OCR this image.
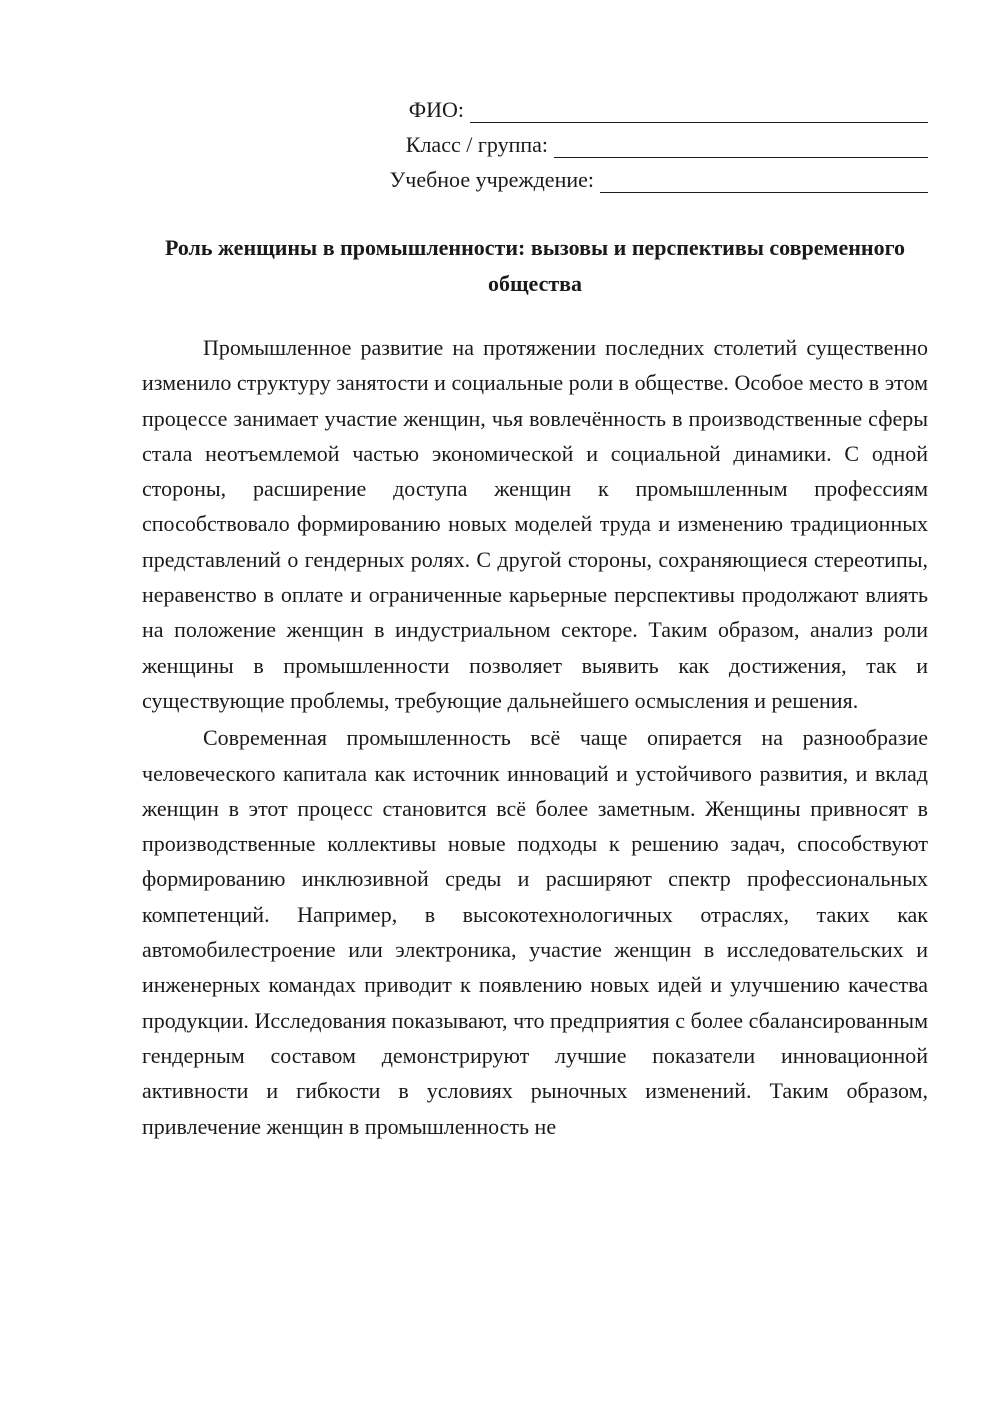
ФИО:
Класс / группа:
Учебное учреждение:
Роль женщины в промышленности: вызовы и перспективы современного общества

Промышленное развитие на протяжении последних столетий существенно изменило структуру занятости и социальные роли в обществе. Особое место в этом процессе занимает участие женщин, чья вовлечённость в производственные сферы стала неотъемлемой частью экономической и социальной динамики. С одной стороны, расширение доступа женщин к промышленным профессиям способствовало формированию новых моделей труда и изменению традиционных представлений о гендерных ролях. С другой стороны, сохраняющиеся стереотипы, неравенство в оплате и ограниченные карьерные перспективы продолжают влиять на положение женщин в индустриальном секторе. Таким образом, анализ роли женщины в промышленности позволяет выявить как достижения, так и существующие проблемы, требующие дальнейшего осмысления и решения.

Современная промышленность всё чаще опирается на разнообразие человеческого капитала как источник инноваций и устойчивого развития, и вклад женщин в этот процесс становится всё более заметным. Женщины привносят в производственные коллективы новые подходы к решению задач, способствуют формированию инклюзивной среды и расширяют спектр профессиональных компетенций. Например, в высокотехнологичных отраслях, таких как автомобилестроение или электроника, участие женщин в исследовательских и инженерных командах приводит к появлению новых идей и улучшению качества продукции. Исследования показывают, что предприятия с более сбалансированным гендерным составом демонстрируют лучшие показатели инновационной активности и гибкости в условиях рыночных изменений. Таким образом, привлечение женщин в промышленность не
